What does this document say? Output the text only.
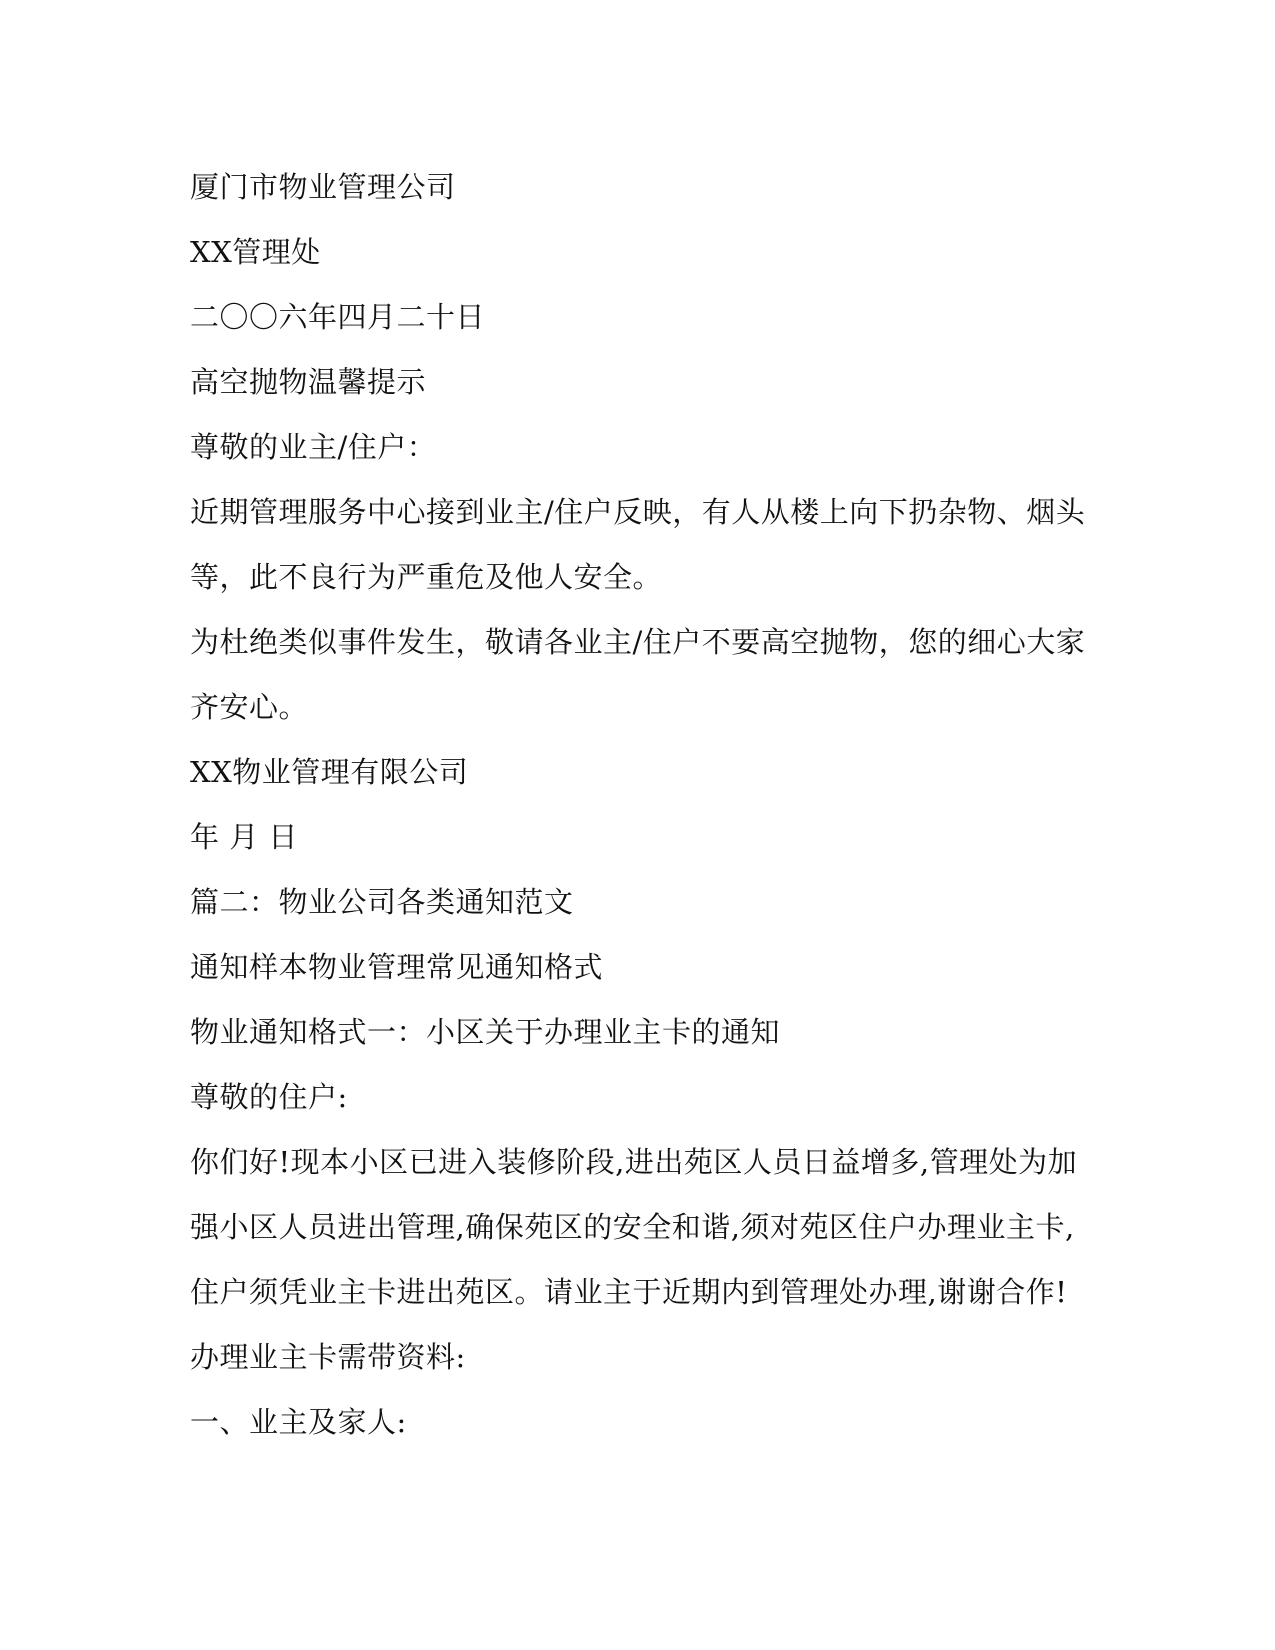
厦门市物业管理公司

XX管理处

二〇〇六年四月二十日

高空抛物温馨提示

尊敬的业主/住户：

近期管理服务中心接到业主/住户反映，有人从楼上向下扔杂物、烟头

等，此不良行为严重危及他人安全。

为杜绝类似事件发生，敬请各业主/住户不要高空抛物，您的细心大家

齐安心。

XX物业管理有限公司

年 月 日

篇二：物业公司各类通知范文

通知样本物业管理常见通知格式

物业通知格式一：小区关于办理业主卡的通知

尊敬的住户:

你们好!现本小区已进入装修阶段,进出苑区人员日益增多,管理处为加

强小区人员进出管理,确保苑区的安全和谐,须对苑区住户办理业主卡,

住户须凭业主卡进出苑区。请业主于近期内到管理处办理,谢谢合作!

办理业主卡需带资料:

一、业主及家人:
